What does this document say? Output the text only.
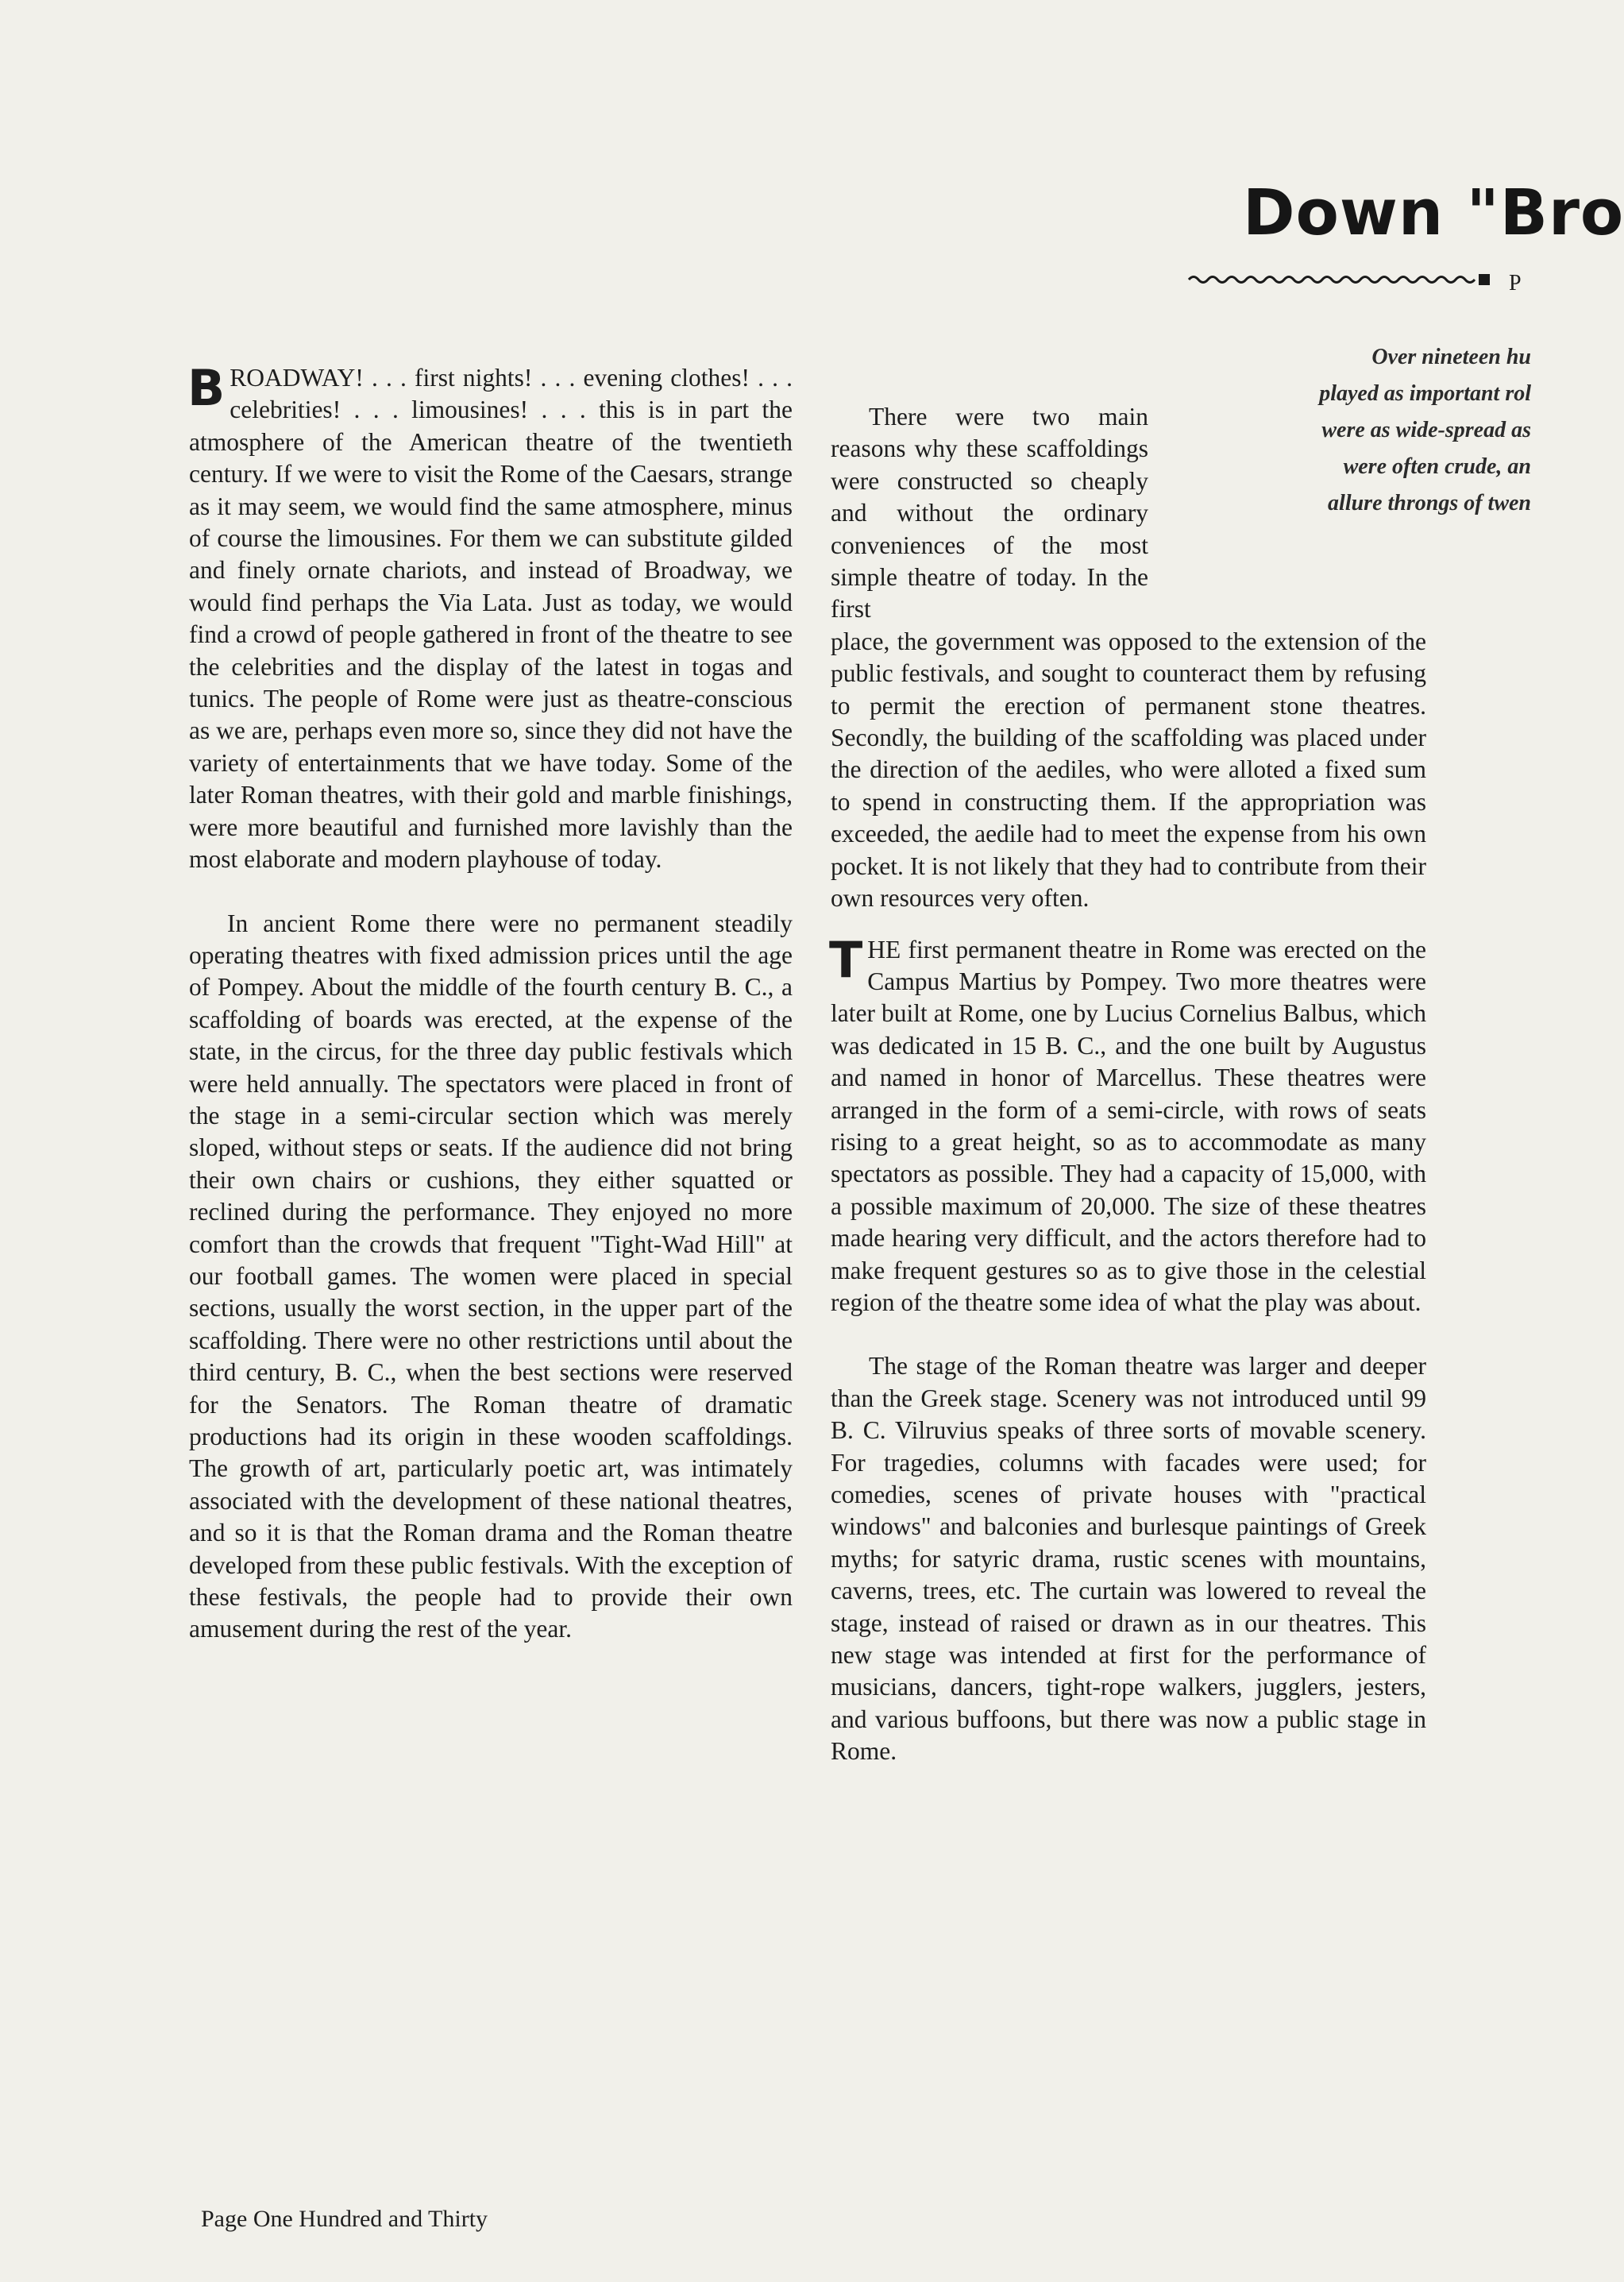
Down "Bro
P
Over nineteen hu
played as important rol
were as wide-spread as
were often crude, an
allure throngs of twen

BROADWAY! . . . first nights! . . . evening clothes! . . . celebrities! . . . limousines! . . . this is in part the atmosphere of the American theatre of the twentieth century. If we were to visit the Rome of the Caesars, strange as it may seem, we would find the same atmosphere, minus of course the limousines. For them we can substitute gilded and finely ornate chariots, and instead of Broadway, we would find perhaps the Via Lata. Just as today, we would find a crowd of people gathered in front of the theatre to see the celebrities and the display of the latest in togas and tunics. The people of Rome were just as theatre-conscious as we are, perhaps even more so, since they did not have the variety of entertainments that we have today. Some of the later Roman theatres, with their gold and marble finishings, were more beautiful and furnished more lavishly than the most elaborate and modern playhouse of today.

In ancient Rome there were no permanent steadily operating theatres with fixed admission prices until the age of Pompey. About the middle of the fourth century B. C., a scaffolding of boards was erected, at the expense of the state, in the circus, for the three day public festivals which were held annually. The spectators were placed in front of the stage in a semi-circular section which was merely sloped, without steps or seats. If the audience did not bring their own chairs or cushions, they either squatted or reclined during the performance. They enjoyed no more comfort than the crowds that frequent "Tight-Wad Hill" at our football games. The women were placed in special sections, usually the worst section, in the upper part of the scaffolding. There were no other restrictions until about the third century, B. C., when the best sections were reserved for the Senators. The Roman theatre of dramatic productions had its origin in these wooden scaffoldings. The growth of art, particularly poetic art, was intimately associated with the development of these national theatres, and so it is that the Roman drama and the Roman theatre developed from these public festivals. With the exception of these festivals, the people had to provide their own amusement during the rest of the year.

There were two main reasons why these scaffoldings were constructed so cheaply and without the ordinary conveniences of the most simple theatre of today. In the first

place, the government was opposed to the extension of the public festivals, and sought to counteract them by refusing to permit the erection of permanent stone theatres. Secondly, the building of the scaffolding was placed under the direction of the aediles, who were alloted a fixed sum to spend in constructing them. If the appropriation was exceeded, the aedile had to meet the expense from his own pocket. It is not likely that they had to contribute from their own resources very often.

THE first permanent theatre in Rome was erected on the Campus Martius by Pompey. Two more theatres were later built at Rome, one by Lucius Cornelius Balbus, which was dedicated in 15 B. C., and the one built by Augustus and named in honor of Marcellus. These theatres were arranged in the form of a semi-circle, with rows of seats rising to a great height, so as to accommodate as many spectators as possible. They had a capacity of 15,000, with a possible maximum of 20,000. The size of these theatres made hearing very difficult, and the actors therefore had to make frequent gestures so as to give those in the celestial region of the theatre some idea of what the play was about.

The stage of the Roman theatre was larger and deeper than the Greek stage. Scenery was not introduced until 99 B. C. Vilruvius speaks of three sorts of movable scenery. For tragedies, columns with facades were used; for comedies, scenes of private houses with "practical windows" and balconies and burlesque paintings of Greek myths; for satyric drama, rustic scenes with mountains, caverns, trees, etc. The curtain was lowered to reveal the stage, instead of raised or drawn as in our theatres. This new stage was intended at first for the performance of musicians, dancers, tight-rope walkers, jugglers, jesters, and various buffoons, but there was now a public stage in Rome.

Page One Hundred and Thirty
